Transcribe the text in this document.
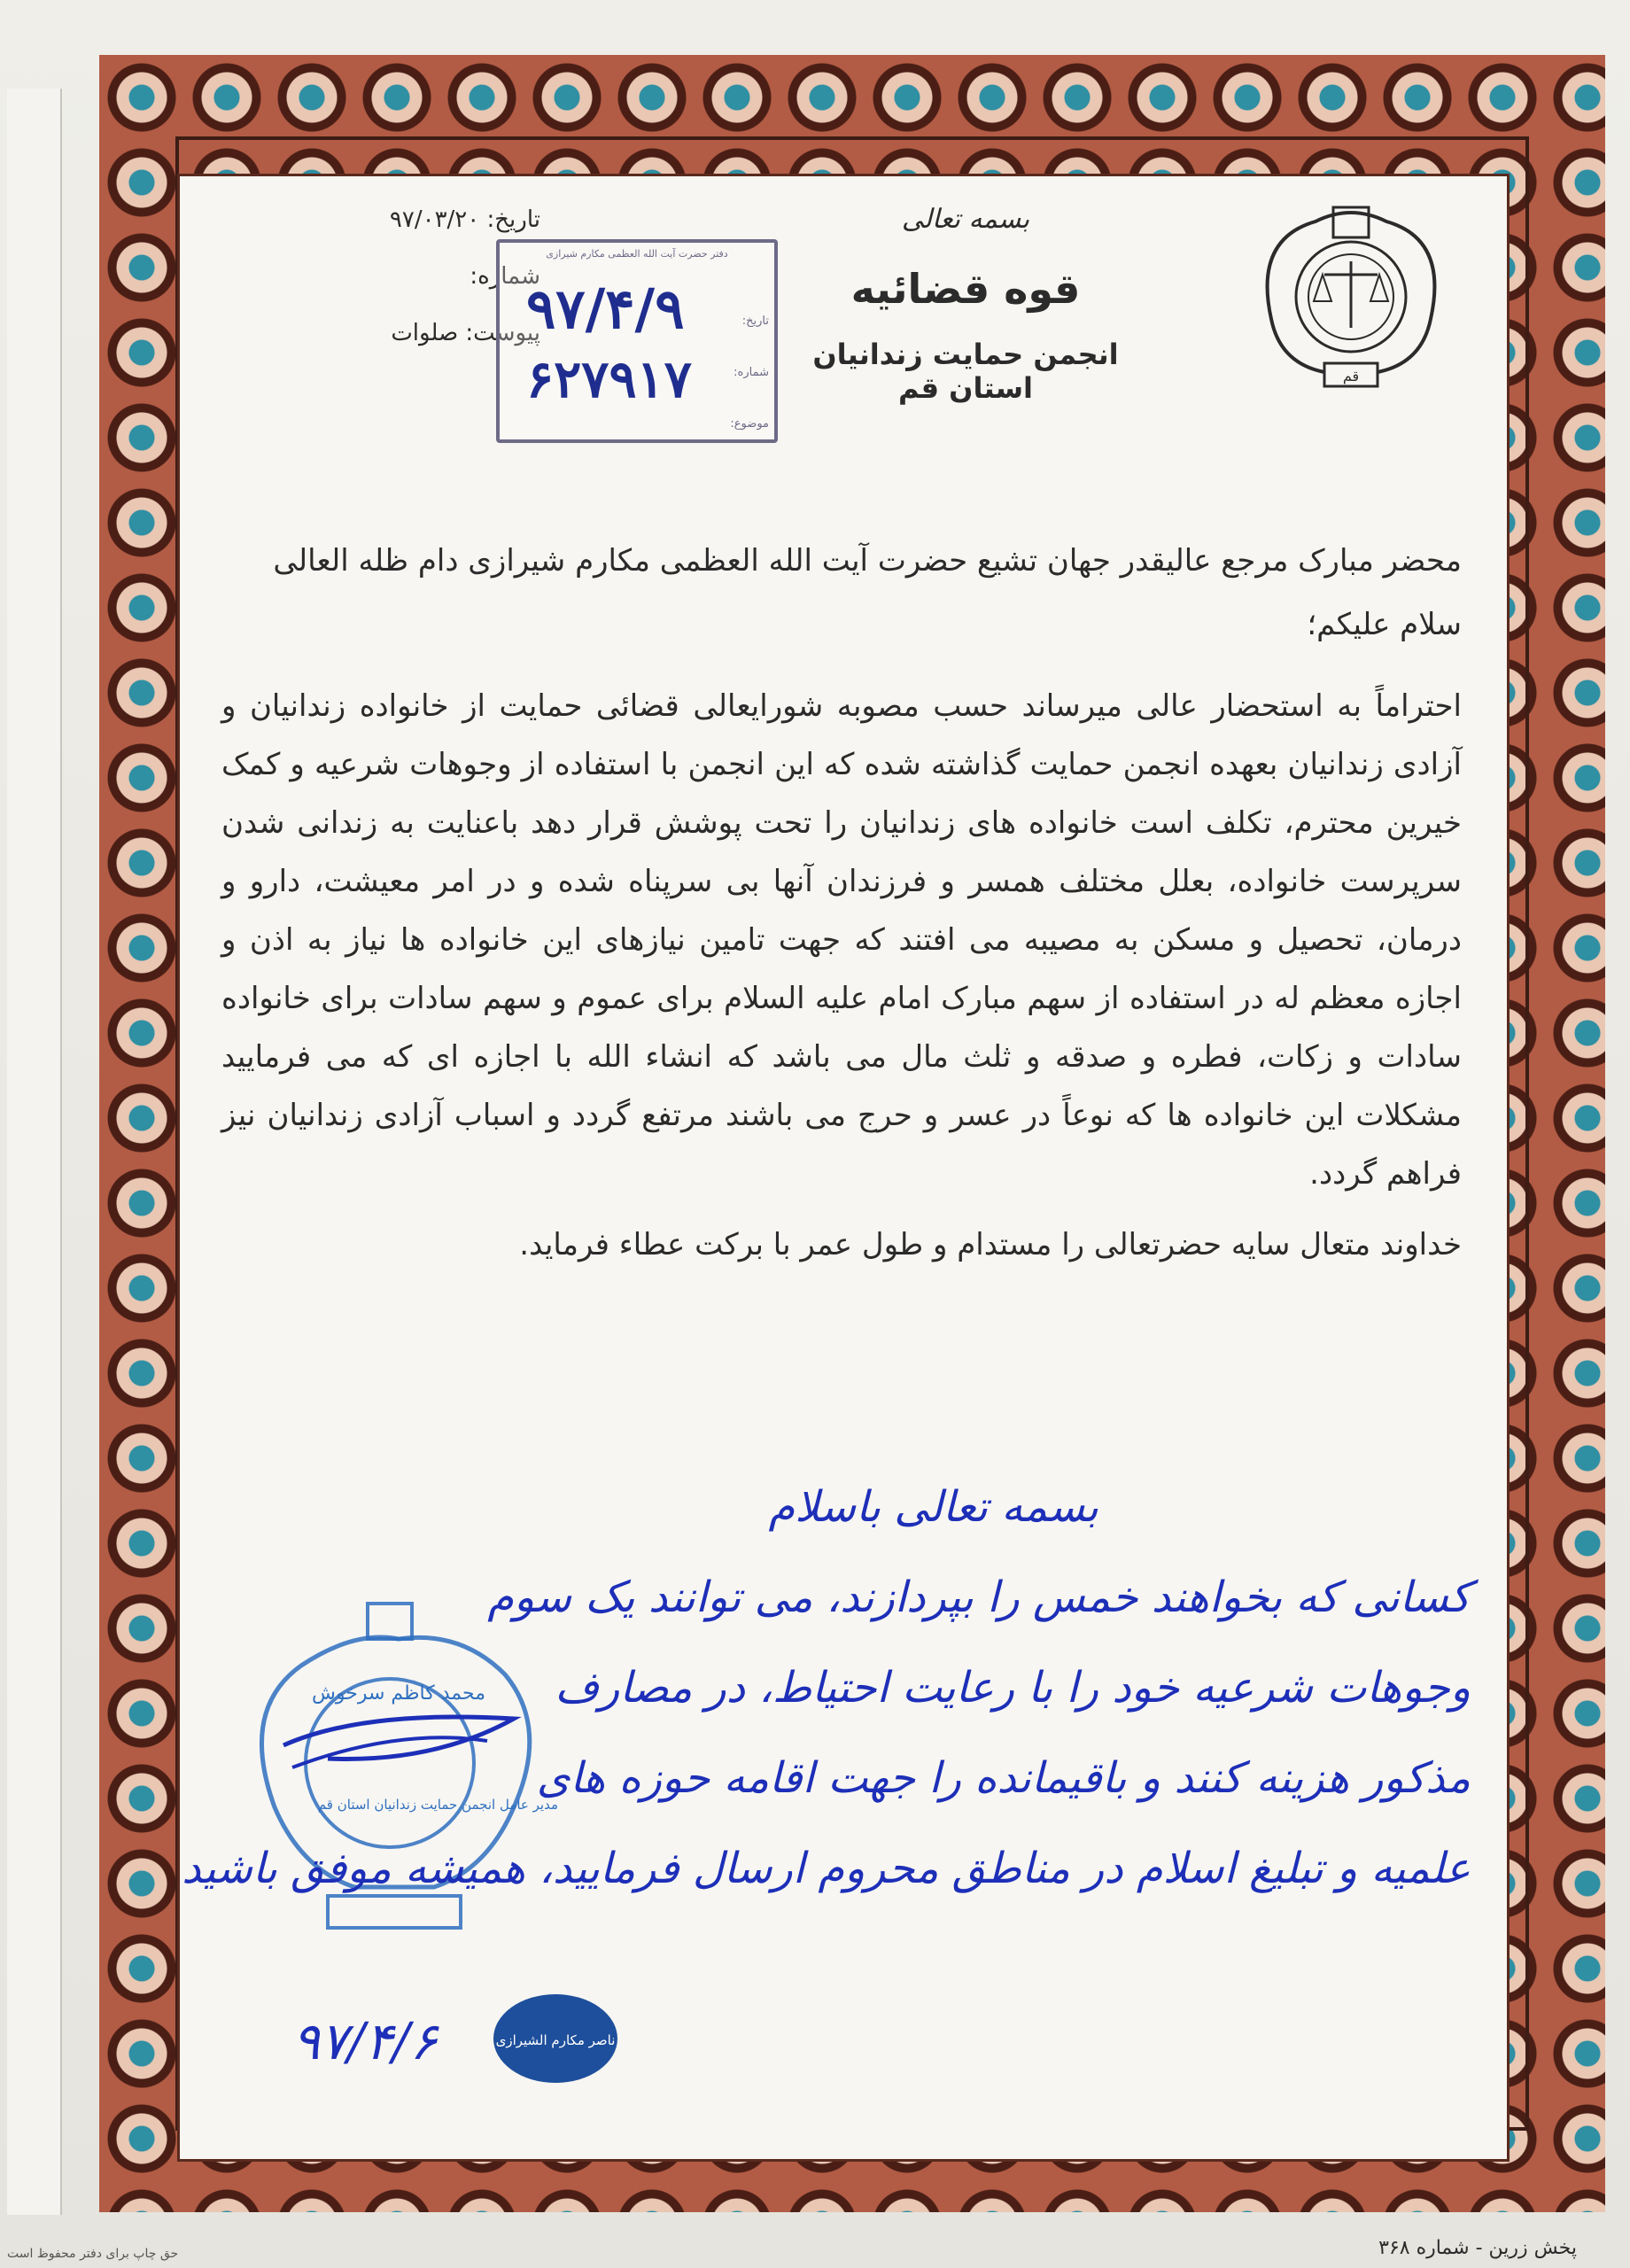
تاریخ: ۹۷/۰۳/۲۰
شماره:
پیوست: صلوات
دفتر حضرت آیت الله العظمی مکارم شیرازی
تاریخ:
شماره:
موضوع:
۹۷/۴/۹
۶۲۷۹۱۷
بسمه تعالی
قوه قضائیه
انجمن حمایت زندانیان استان قم	قم
محضر مبارک مرجع عالیقدر جهان تشیع حضرت آیت الله العظمی مکارم شیرازی دام ظله العالی
سلام علیکم؛
احتراماً به استحضار عالی میرساند حسب مصوبه شورایعالی قضائی حمایت از خانواده زندانیان و آزادی زندانیان بعهده انجمن حمایت گذاشته شده که این انجمن با استفاده از وجوهات شرعیه و کمک خیرین محترم، تکلف است خانواده های زندانیان را تحت پوشش قرار دهد باعنایت به زندانی شدن سرپرست خانواده، بعلل مختلف همسر و فرزندان آنها بی سرپناه شده و در امر معیشت، دارو و درمان، تحصیل و مسکن به مصیبه می افتند که جهت تامین نیازهای این خانواده ها نیاز به اذن و اجازه معظم له در استفاده از سهم مبارک امام علیه السلام برای عموم و سهم سادات برای خانواده سادات و زکات، فطره و صدقه و ثلث مال می باشد که انشاء الله با اجازه ای که می فرمایید مشکلات این خانواده ها که نوعاً در عسر و حرج می باشند مرتفع گردد و اسباب آزادی زندانیان نیز فراهم گردد.
خداوند متعال سایه حضرتعالی را مستدام و طول عمر با برکت عطاء فرماید.
محمد کاظم سرخوش
مدیر عامل انجمن حمایت زندانیان استان قم
بسمه تعالی باسلام
کسانی که بخواهند خمس را بپردازند، می توانند یک سوم
وجوهات شرعیه خود را با رعایت احتیاط، در مصارف
مذکور هزینه کنند و باقیمانده را جهت اقامه حوزه های
علمیه و تبلیغ اسلام در مناطق محروم ارسال فرمایید، همیشه موفق باشید
۹۷/۴/۶	ناصر مکارم الشیرازی
پخش زرین - شماره ۳۶۸
حق چاپ برای دفتر محفوظ است
